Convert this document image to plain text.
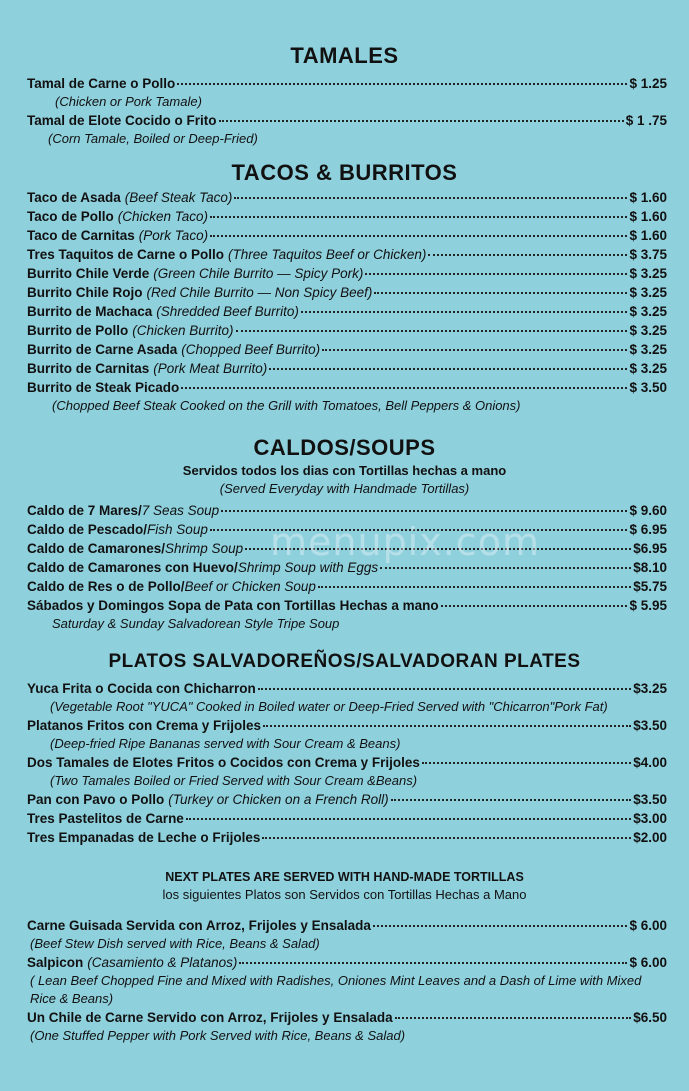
TAMALES
Tamal de Carne o Pollo	$ 1.25
(Chicken or Pork Tamale)
Tamal de Elote Cocido o Frito	$ 1 .75
(Corn Tamale, Boiled or Deep-Fried)
TACOS & BURRITOS
Taco de Asada (Beef Steak Taco)	$ 1.60
Taco de Pollo (Chicken Taco)	$ 1.60
Taco de Carnitas (Pork Taco)	$ 1.60
Tres Taquitos de Carne o Pollo (Three Taquitos Beef or Chicken)	$ 3.75
Burrito Chile Verde (Green Chile Burrito — Spicy Pork)	$ 3.25
Burrito Chile Rojo (Red Chile Burrito — Non Spicy Beef)	$ 3.25
Burrito de Machaca (Shredded Beef Burrito)	$ 3.25
Burrito de Pollo (Chicken Burrito)	$ 3.25
Burrito de Carne Asada (Chopped Beef Burrito)	$ 3.25
Burrito de Carnitas (Pork Meat Burrito)	$ 3.25
Burrito de Steak Picado	$ 3.50
(Chopped Beef Steak Cooked on the Grill with Tomatoes, Bell Peppers & Onions)
CALDOS/SOUPS
Servidos todos los dias con Tortillas hechas a mano
(Served Everyday with Handmade Tortillas)
Caldo de 7 Mares/ 7 Seas Soup	$ 9.60
Caldo de Pescado/ Fish Soup	$ 6.95
Caldo de Camarones/ Shrimp Soup	$6.95
Caldo de Camarones con Huevo/ Shrimp Soup with Eggs	$8.10
Caldo de Res o de Pollo/ Beef or Chicken Soup	$5.75
Sábados y Domingos Sopa de Pata con Tortillas Hechas a mano	$ 5.95
Saturday & Sunday Salvadorean Style Tripe Soup
PLATOS SALVADOREÑOS/SALVADORAN PLATES
Yuca Frita o Cocida con Chicharron	$3.25
(Vegetable Root "YUCA" Cooked in Boiled water or Deep-Fried Served with "Chicarron"Pork Fat)
Platanos Fritos con Crema y Frijoles	$3.50
(Deep-fried Ripe Bananas served with Sour Cream & Beans)
Dos Tamales de Elotes Fritos o Cocidos con Crema y Frijoles	$4.00
(Two Tamales Boiled or Fried Served with Sour Cream &Beans)
Pan con Pavo o Pollo (Turkey or Chicken on a French Roll)	$3.50
Tres Pastelitos de Carne	$3.00
Tres Empanadas de Leche o Frijoles	$2.00
NEXT PLATES ARE SERVED WITH HAND-MADE TORTILLAS
los siguientes Platos son Servidos con Tortillas Hechas a Mano
Carne Guisada Servida con Arroz, Frijoles y Ensalada	$ 6.00
(Beef Stew Dish served with Rice, Beans & Salad)
Salpicon (Casamiento & Platanos)	$ 6.00
( Lean Beef Chopped Fine and Mixed with Radishes, Oniones Mint Leaves and a Dash of Lime with Mixed Rice & Beans)
Un Chile de Carne Servido con Arroz, Frijoles y Ensalada	$6.50
(One Stuffed Pepper with Pork Served with Rice, Beans & Salad)
menupix.com
